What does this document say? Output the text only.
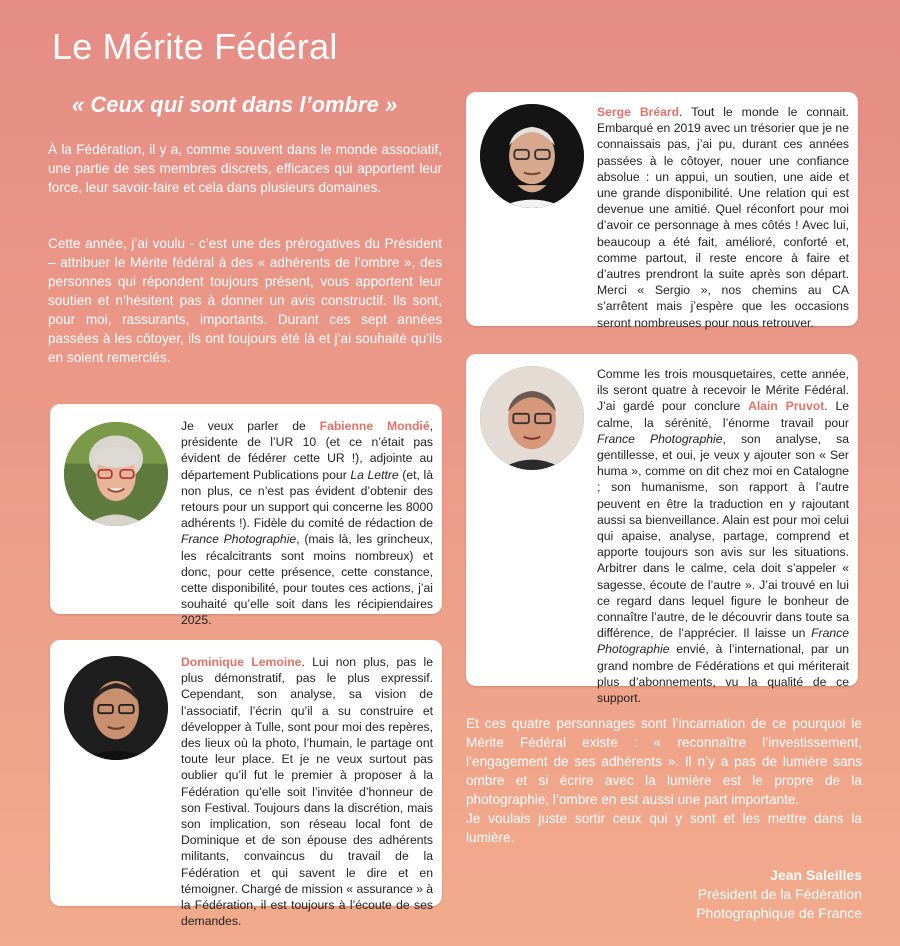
Le Mérite Fédéral
« Ceux qui sont dans l’ombre »

À la Fédération, il y a, comme souvent dans le monde associatif, une partie de ses membres discrets, efficaces qui apportent leur force, leur savoir-faire et cela dans plusieurs domaines.

Cette année, j’ai voulu - c’est une des prérogatives du Président – attribuer le Mérite fédéral à des « adhérents de l’ombre », des personnes qui répondent toujours présent, vous apportent leur soutien et n’hésitent pas à donner un avis constructif. Ils sont, pour moi, rassurants, importants. Durant ces sept années passées à les côtoyer, ils ont toujours été là et j’ai souhaité qu’ils en soient remerciés.

Je veux parler de Fabienne Mondié, présidente de l’UR 10 (et ce n’était pas évident de fédérer cette UR !), adjointe au département Publications pour La Lettre (et, là non plus, ce n’est pas évident d’obtenir des retours pour un support qui concerne les 8000 adhérents !). Fidèle du comité de rédaction de France Photographie, (mais là, les grincheux, les récalcitrants sont moins nombreux) et donc, pour cette présence, cette constance, cette disponibilité, pour toutes ces actions, j’ai souhaité qu’elle soit dans les récipiendaires 2025.
Dominique Lemoine. Lui non plus, pas le plus démonstratif, pas le plus expressif. Cependant, son analyse, sa vision de l’associatif, l’écrin qu’il a su construire et développer à Tulle, sont pour moi des repères, des lieux où la photo, l’humain, le partage ont toute leur place. Et je ne veux surtout pas oublier qu’il fut le premier à proposer à la Fédération qu’elle soit l’invitée d’honneur de son Festival. Toujours dans la discrétion, mais son implication, son réseau local font de Dominique et de son épouse des adhérents militants, convaincus du travail de la Fédération et qui savent le dire et en témoigner. Chargé de mission « assurance » à la Fédération, il est toujours à l’écoute de ses demandes.
Serge Bréard. Tout le monde le connait. Embarqué en 2019 avec un trésorier que je ne connaissais pas, j’ai pu, durant ces années passées à le côtoyer, nouer une confiance absolue : un appui, un soutien, une aide et une grande disponibilité. Une relation qui est devenue une amitié. Quel réconfort pour moi d’avoir ce personnage à mes côtés ! Avec lui, beaucoup a été fait, amélioré, conforté et, comme partout, il reste encore à faire et d’autres prendront la suite après son départ. Merci « Sergio », nos chemins au CA s’arrêtent mais j’espère que les occasions seront nombreuses pour nous retrouver.
Comme les trois mousquetaires, cette année, ils seront quatre à recevoir le Mérite Fédéral. J’ai gardé pour conclure Alain Pruvot. Le calme, la sérénité, l’énorme travail pour France Photographie, son analyse, sa gentillesse, et oui, je veux y ajouter son « Ser huma », comme on dit chez moi en Catalogne ; son humanisme, son rapport à l’autre peuvent en être la traduction en y rajoutant aussi sa bienveillance. Alain est pour moi celui qui apaise, analyse, partage, comprend et apporte toujours son avis sur les situations. Arbitrer dans le calme, cela doit s’appeler « sagesse, écoute de l’autre ». J’ai trouvé en lui ce regard dans lequel figure le bonheur de connaître l’autre, de le découvrir dans toute sa différence, de l’apprécier. Il laisse un France Photographie envié, à l’international, par un grand nombre de Fédérations et qui mériterait plus d’abonnements, vu la qualité de ce support.

Et ces quatre personnages sont l’incarnation de ce pourquoi le Mérite Fédéral existe : « reconnaître l’investissement, l’engagement de ses adhérents ». Il n’y a pas de lumière sans ombre et si écrire avec la lumière est le propre de la photographie, l’ombre en est aussi une part importante.
Je voulais juste sortir ceux qui y sont et les mettre dans la lumière.

Jean Saleilles
Président de la Fédération
Photographique de France
